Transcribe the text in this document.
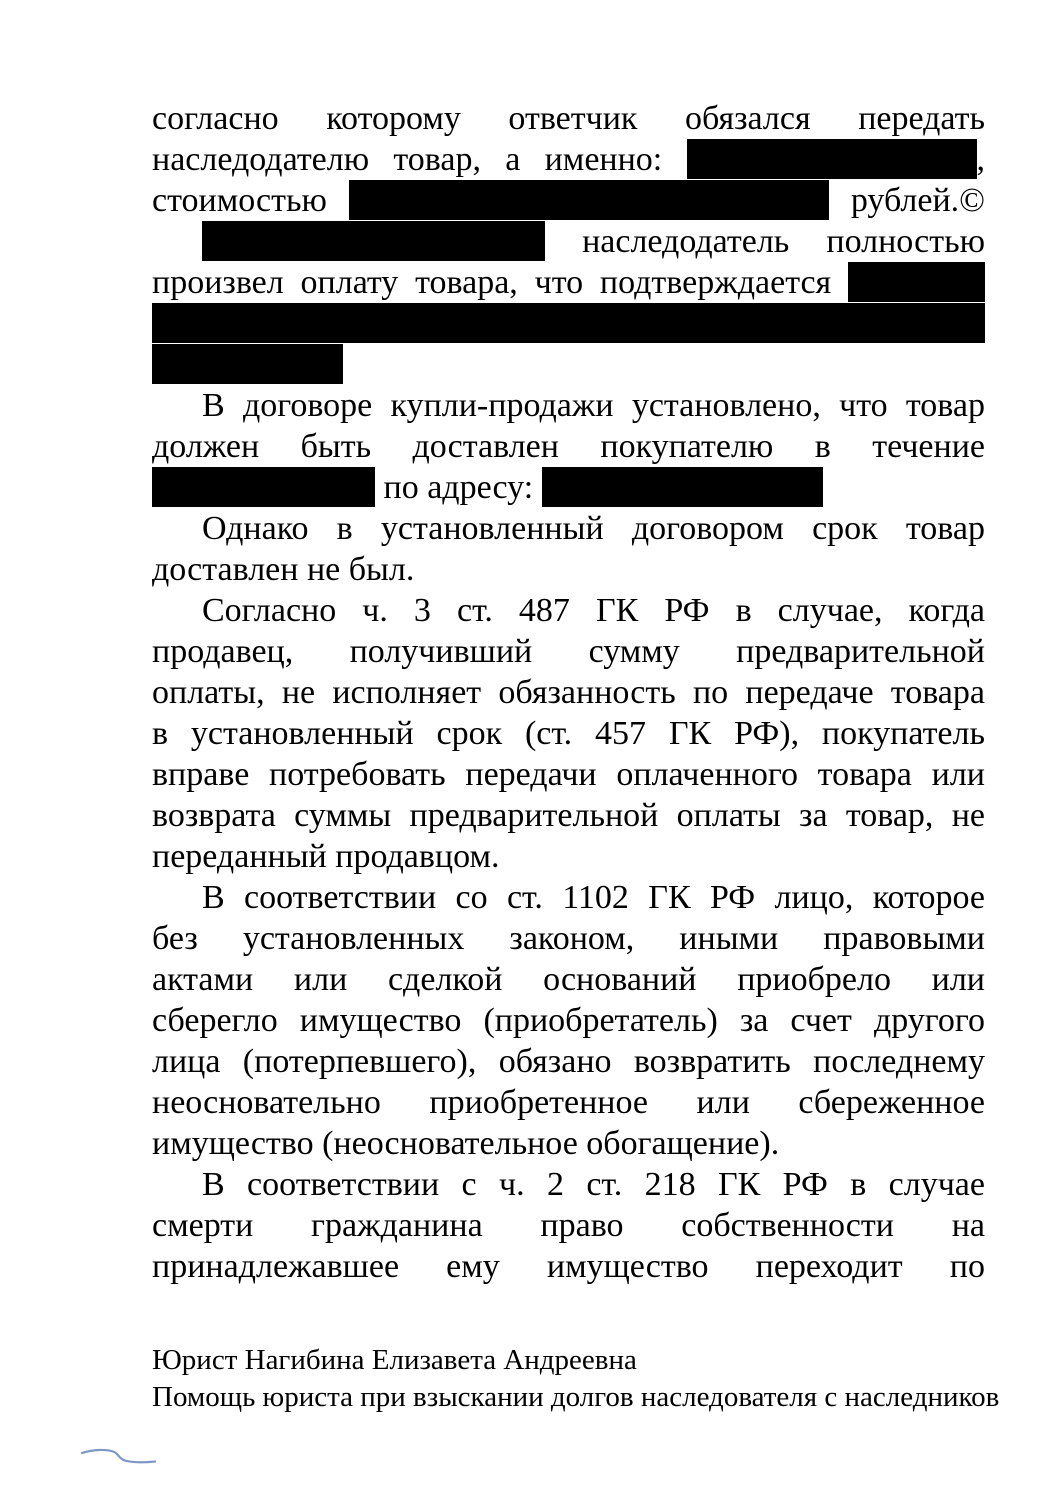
согласно которому ответчик обязался передать
наследодателю товар, а именно:	,
стоимостью	рублей.©
наследодатель полностью
произвел оплату товара, что подтверждается
В договоре купли-продажи установлено, что товар
должен быть доставлен покупателю в течение
по адресу:
Однако в установленный договором срок товар
доставлен не был.
Согласно ч. 3 ст. 487 ГК РФ в случае, когда
продавец, получивший сумму предварительной
оплаты, не исполняет обязанность по передаче товара
в установленный срок (ст. 457 ГК РФ), покупатель
вправе потребовать передачи оплаченного товара или
возврата суммы предварительной оплаты за товар, не
переданный продавцом.
В соответствии со ст. 1102 ГК РФ лицо, которое
без установленных законом, иными правовыми
актами или сделкой оснований приобрело или
сберегло имущество (приобретатель) за счет другого
лица (потерпевшего), обязано возвратить последнему
неосновательно приобретенное или сбереженное
имущество (неосновательное обогащение).
В соответствии с ч. 2 ст. 218 ГК РФ в случае
смерти гражданина право собственности на
принадлежавшее ему имущество переходит по
Юрист Нагибина Елизавета Андреевна
Помощь юриста при взыскании долгов наследователя с наследников
